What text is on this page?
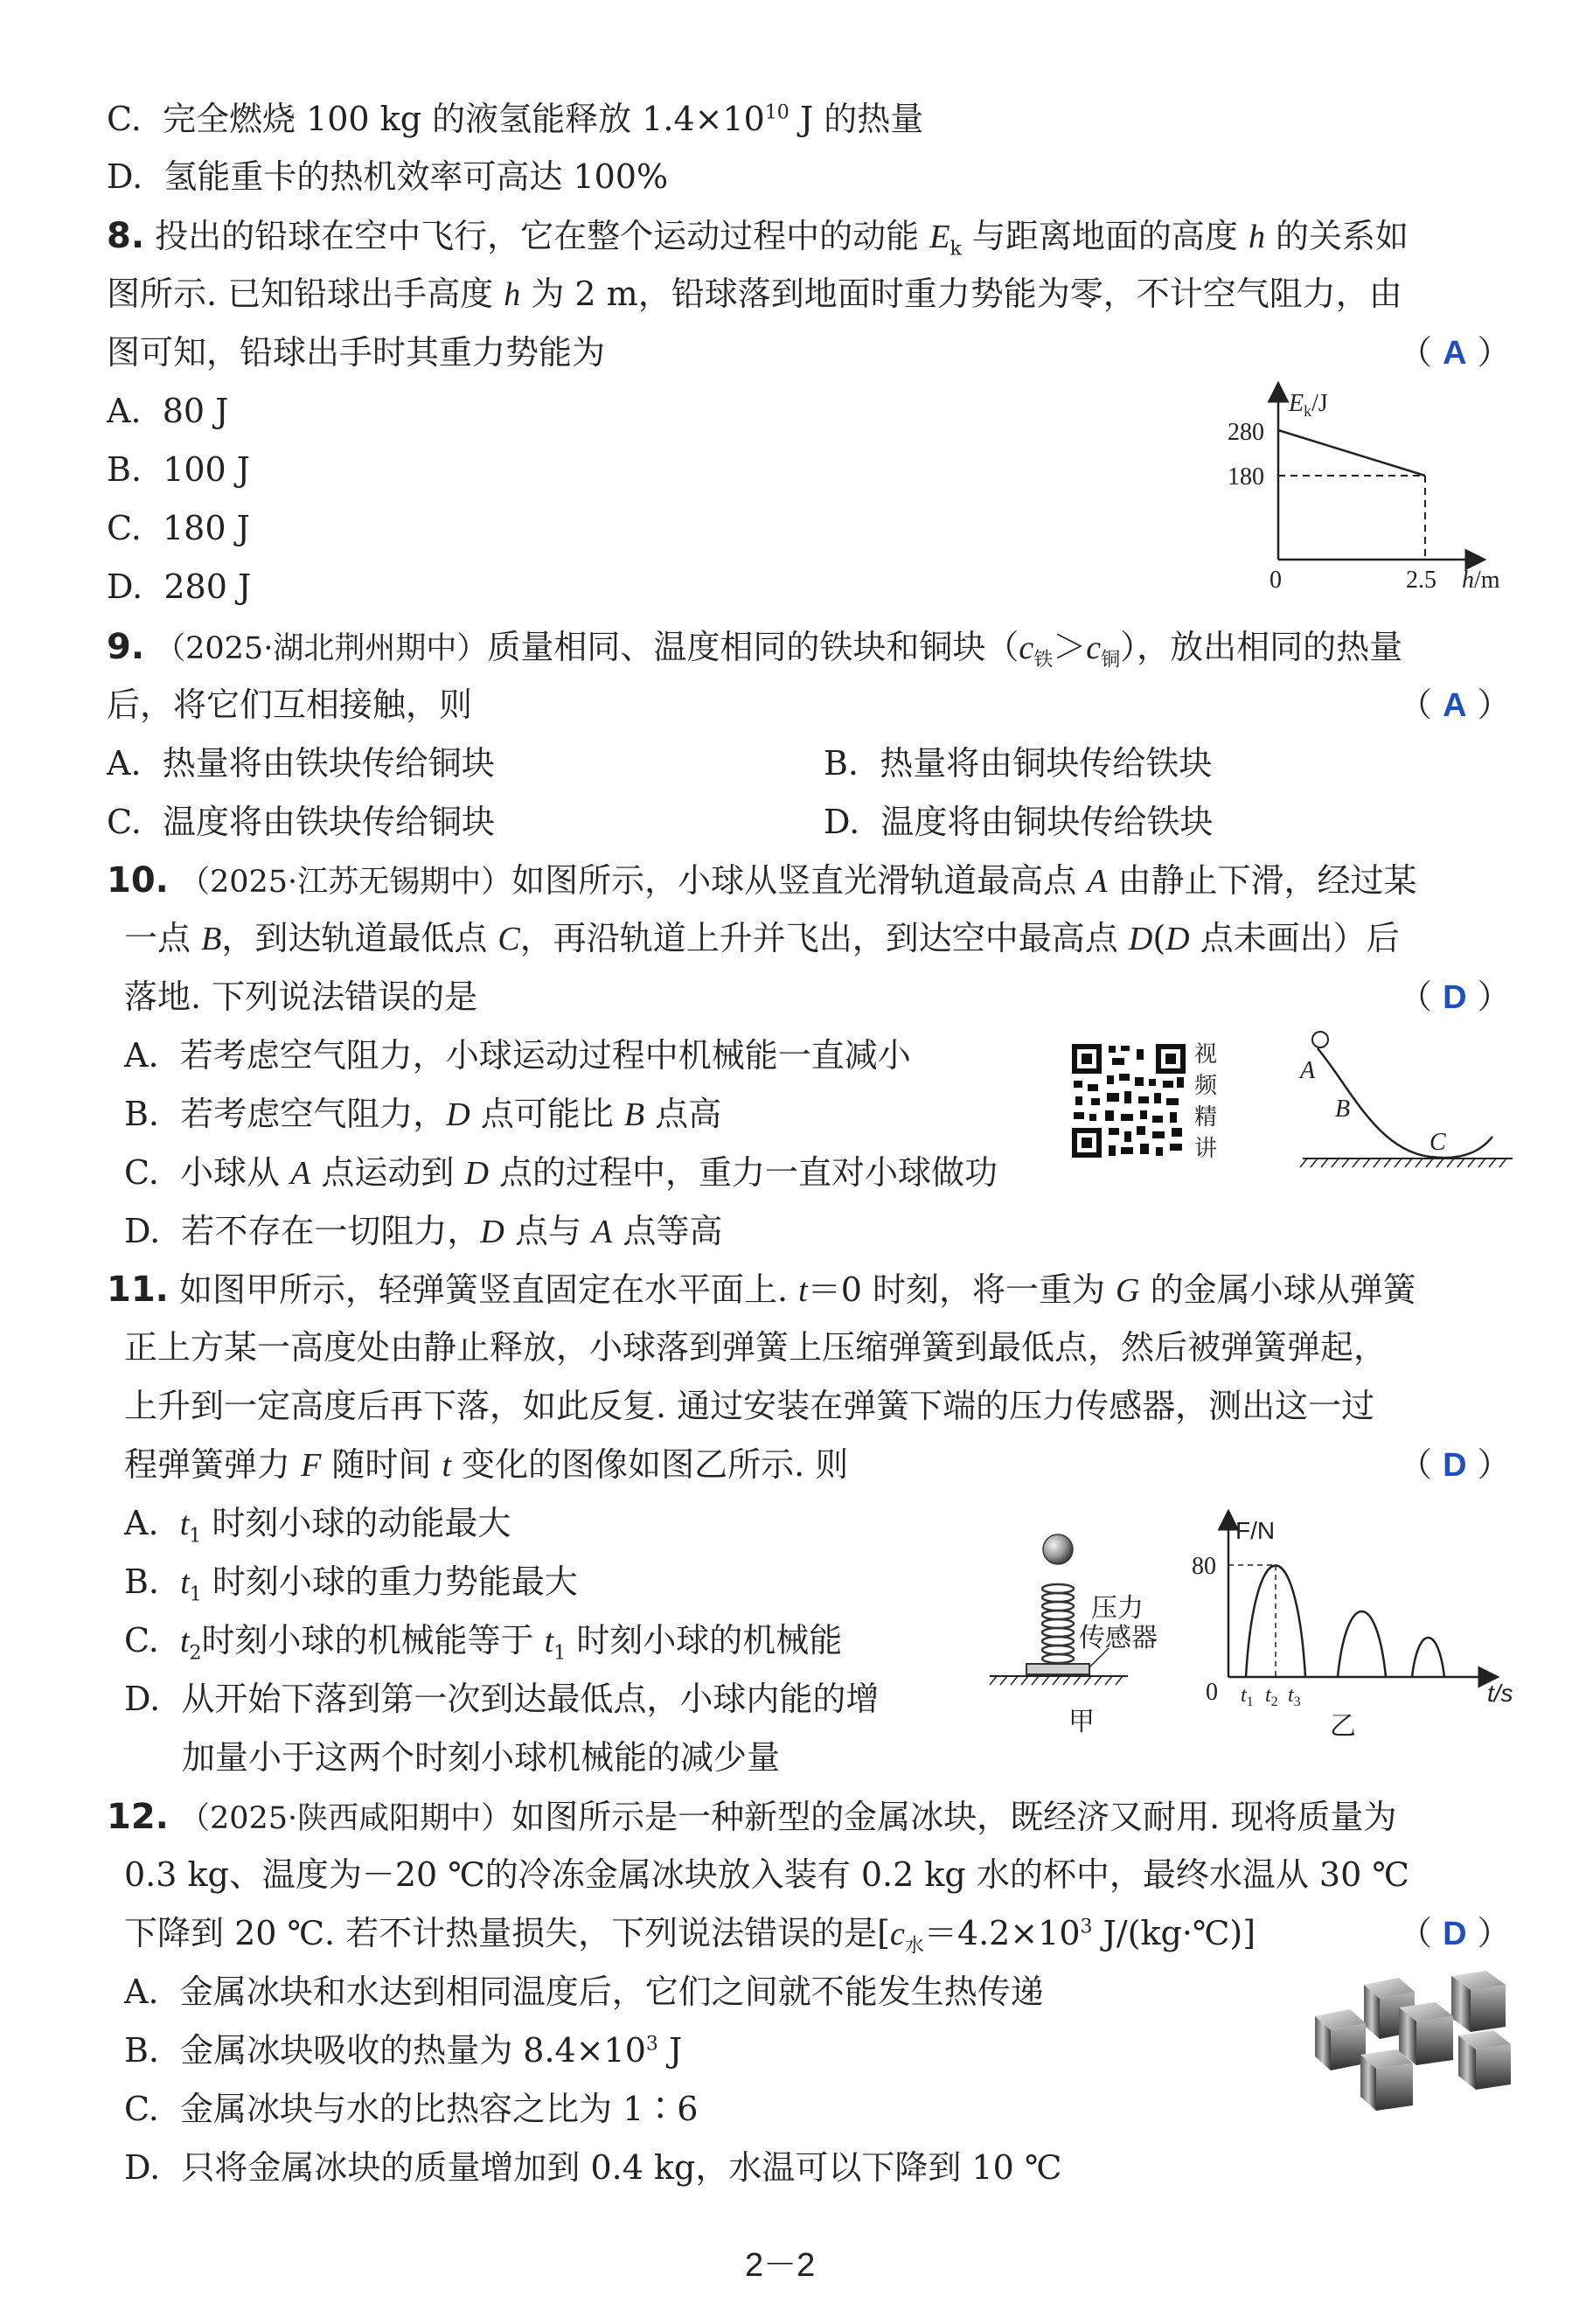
C. 完全燃烧 100 kg 的液氢能释放 $1.4\times 10^{10}$ J 的热量
D. 氢能重卡的热机效率可高达 100%
8. 投出的铅球在空中飞行，它在整个运动过程中的动能 $E_k$ 与距离地面的高度 h 的关系如
图所示. 已知铅球出手高度 h 为 2 m，铅球落到地面时重力势能为零，不计空气阻力，由
图可知，铅球出手时其重力势能为	（ A ）
A. 80 J
B. 100 J
C. 180 J
D. 280 J
$E_k/J$
280
180
0	2.5 h/m
9. （2025·湖北荆州期中）质量相同、温度相同的铁块和铜块$(c_铁>c_铜)$，放出相同的热量
后，将它们互相接触，则	（ A ）
A. 热量将由铁块传给铜块	B. 热量将由铜块传给铁块
C. 温度将由铁块传给铜块	D. 温度将由铜块传给铁块
10. （2025·江苏无锡期中）如图所示，小球从竖直光滑轨道最高点 A 由静止下滑，经过某
一点 B，到达轨道最低点 C，再沿轨道上升并飞出，到达空中最高点 D(D 点未画出）后
落地. 下列说法错误的是	（ D ）
A. 若考虑空气阻力，小球运动过程中机械能一直减小
B. 若考虑空气阻力，D 点可能比 B 点高
C. 小球从 A 点运动到 D 点的过程中，重力一直对小球做功
D. 若不存在一切阻力，D 点与 A 点等高
视
频
精
讲
A
B
C
11. 如图甲所示，轻弹簧竖直固定在水平面上. t＝0 时刻，将一重为 G 的金属小球从弹簧
正上方某一高度处由静止释放，小球落到弹簧上压缩弹簧到最低点，然后被弹簧弹起，
上升到一定高度后再下落，如此反复. 通过安装在弹簧下端的压力传感器，测出这一过
程弹簧弹力 F 随时间 t 变化的图像如图乙所示. 则	（ D ）
A. $t_1$ 时刻小球的动能最大
B. $t_1$ 时刻小球的重力势能最大
C. $t_2$时刻小球的机械能等于 $t_1$ 时刻小球的机械能
D. 从开始下落到第一次到达最低点，小球内能的增
加量小于这两个时刻小球机械能的减少量
压力
传感器
甲
F/N
80
0 $t_1$ $t_2$ $t_3$	t/s
乙
12. （2025·陕西咸阳期中）如图所示是一种新型的金属冰块，既经济又耐用. 现将质量为
0.3 kg、温度为－20 ℃的冷冻金属冰块放入装有 0.2 kg 水的杯中，最终水温从 30 ℃
下降到 20 ℃. 若不计热量损失，下列说法错误的是[$c_水=4.2\times 10^3$ J/(kg·℃)]	（ D ）
A. 金属冰块和水达到相同温度后，它们之间就不能发生热传递
B. 金属冰块吸收的热量为 $8.4\times 10^3$ J
C. 金属冰块与水的比热容之比为 1∶6
D. 只将金属冰块的质量增加到 0.4 kg，水温可以下降到 10 ℃
2－2
